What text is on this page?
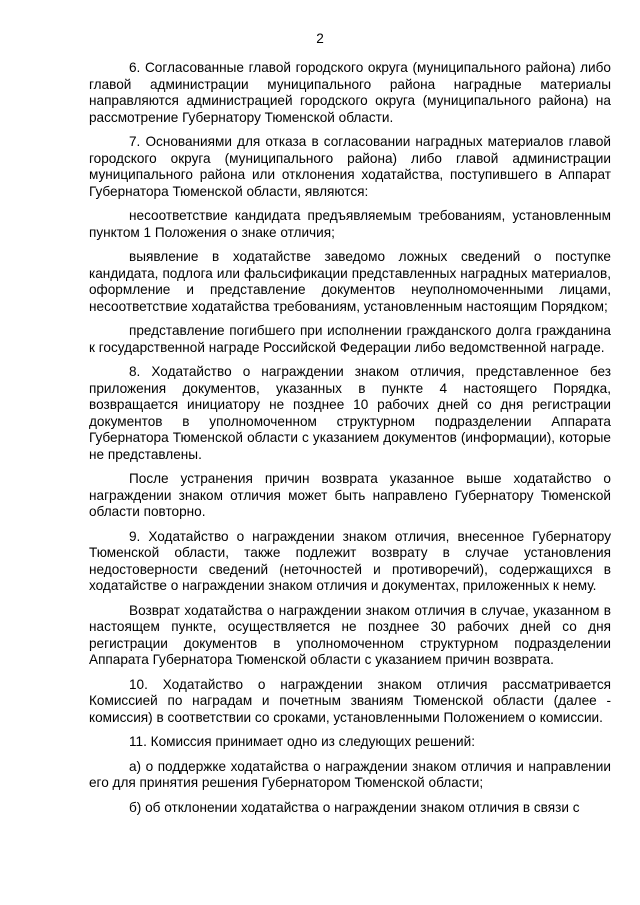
2

6. Согласованные главой городского округа (муниципального района) либо главой администрации муниципального района наградные материалы направляются администрацией городского округа (муниципального района) на рассмотрение Губернатору Тюменской области.

7. Основаниями для отказа в согласовании наградных материалов главой городского округа (муниципального района) либо главой администрации муниципального района или отклонения ходатайства, поступившего в Аппарат Губернатора Тюменской области, являются:

несоответствие кандидата предъявляемым требованиям, установленным пунктом 1 Положения о знаке отличия;

выявление в ходатайстве заведомо ложных сведений о поступке кандидата, подлога или фальсификации представленных наградных материалов, оформление и представление документов неуполномоченными лицами, несоответствие ходатайства требованиям, установленным настоящим Порядком;

представление погибшего при исполнении гражданского долга гражданина к государственной награде Российской Федерации либо ведомственной награде.

8. Ходатайство о награждении знаком отличия, представленное без приложения документов, указанных в пункте 4 настоящего Порядка, возвращается инициатору не позднее 10 рабочих дней со дня регистрации документов в уполномоченном структурном подразделении Аппарата Губернатора Тюменской области с указанием документов (информации), которые не представлены.

После устранения причин возврата указанное выше ходатайство о награждении знаком отличия может быть направлено Губернатору Тюменской области повторно.

9. Ходатайство о награждении знаком отличия, внесенное Губернатору Тюменской области, также подлежит возврату в случае установления недостоверности сведений (неточностей и противоречий), содержащихся в ходатайстве о награждении знаком отличия и документах, приложенных к нему.

Возврат ходатайства о награждении знаком отличия в случае, указанном в настоящем пункте, осуществляется не позднее 30 рабочих дней со дня регистрации документов в уполномоченном структурном подразделении Аппарата Губернатора Тюменской области с указанием причин возврата.

10. Ходатайство о награждении знаком отличия рассматривается Комиссией по наградам и почетным званиям Тюменской области (далее - комиссия) в соответствии со сроками, установленными Положением о комиссии.

11. Комиссия принимает одно из следующих решений:

а) о поддержке ходатайства о награждении знаком отличия и направлении его для принятия решения Губернатором Тюменской области;

б) об отклонении ходатайства о награждении знаком отличия в связи с
